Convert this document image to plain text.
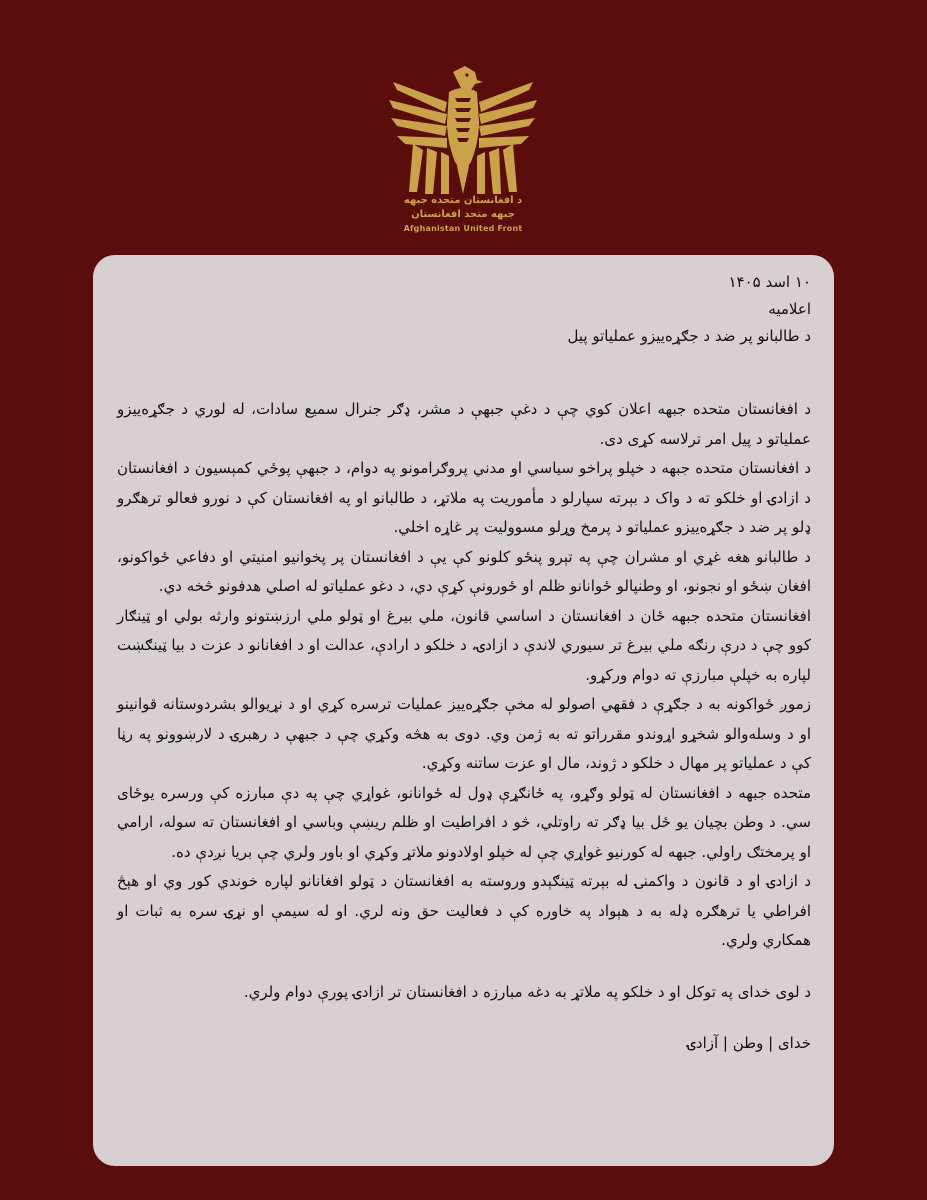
د افغانستان متحده جبهه
جبهه متحد افغانستان
Afghanistan United Front
۱۰ اسد ۱۴۰۵
اعلامیه
د طالبانو پر ضد د جګړه‌ییزو عملیاتو پیل

د افغانستان متحده جبهه اعلان کوي چې د دغې جبهې د مشر، ډګر جنرال سمیع سادات، له لوري د جګړه‌ییزو عملیاتو د پیل امر ترلاسه کړی دی.

د افغانستان متحده جبهه د خپلو پراخو سیاسي او مدني پروګرامونو په دوام، د جبهې پوځي کمېسیون د افغانستان د ازادۍ او خلکو ته د واک د بېرته سپارلو د مأموریت په ملاتړ، د طالبانو او په افغانستان کې د نورو فعالو ترهګرو ډلو پر ضد د جګړه‌ییزو عملیاتو د پرمخ وړلو مسوولیت پر غاړه اخلي.

د طالبانو هغه غړي او مشران چې په تېرو پنځو کلونو کې یې د افغانستان پر پخوانیو امنیتي او دفاعي ځواکونو، افغان ښځو او نجونو، او وطنپالو ځوانانو ظلم او ځورونې کړې دي، د دغو عملیاتو له اصلي هدفونو څخه دي.

افغانستان متحده جبهه ځان د افغانستان د اساسي قانون، ملي بیرغ او ټولو ملي ارزښتونو وارثه بولي او ټینګار کوو چې د درې رنګه ملي بیرغ تر سیوري لاندې د ازادۍ، د خلکو د ارادې، عدالت او د افغانانو د عزت د بیا ټینګښت لپاره به خپلې مبارزې ته دوام ورکړو.

زموږ ځواکونه به د جګړې د فقهي اصولو له مخې جګړه‌ییز عملیات ترسره کړي او د نړیوالو بشردوستانه قوانینو او د وسله‌والو شخړو اړوندو مقرراتو ته به ژمن وي. دوی به هڅه وکړي چې د جبهې د رهبرۍ د لارښوونو په رڼا کې د عملیاتو پر مهال د خلکو د ژوند، مال او عزت ساتنه وکړي.

متحده جبهه د افغانستان له ټولو وګړو، په ځانګړې ډول له ځوانانو، غواړي چې په دې مبارزه کې ورسره یوځای سي. د وطن بچیان یو ځل بیا ډګر ته راوتلي، څو د افراطیت او ظلم ریښې وباسي او افغانستان ته سوله، ارامي او پرمختګ راولي. جبهه له کورنیو غواړي چې له خپلو اولادونو ملاتړ وکړي او باور ولري چې بریا نږدې ده.

د ازادۍ او د قانون د واکمنۍ له بېرته ټینګېدو وروسته به افغانستان د ټولو افغانانو لپاره خوندي کور وي او هېڅ افراطي یا ترهګره ډله به د هېواد په خاوره کې د فعالیت حق ونه لري. او له سیمې او نړۍ سره به ثبات او همکاري ولري.

د لوی خدای په توکل او د خلکو په ملاتړ به دغه مبارزه د افغانستان تر ازادۍ پورې دوام ولري.
خدای | وطن | آزادۍ
